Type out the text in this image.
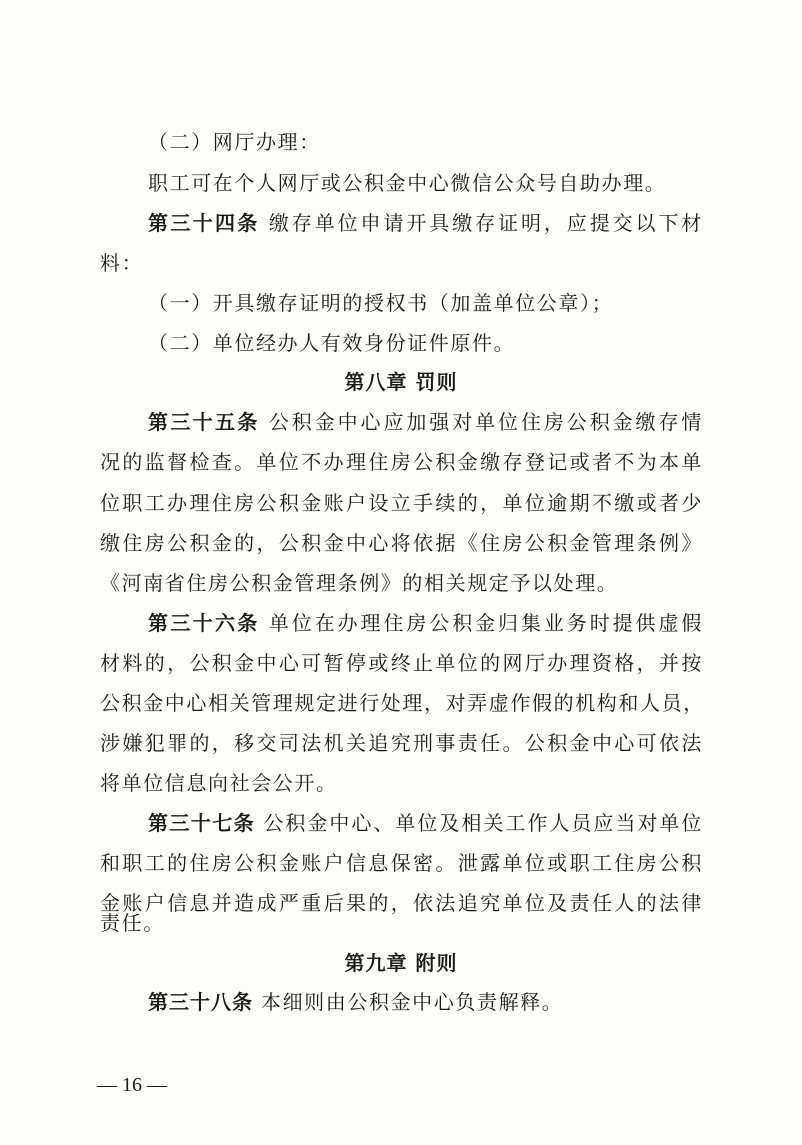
（二）网厅办理：
职工可在个人网厅或公积金中心微信公众号自助办理。
第三十四条 缴存单位申请开具缴存证明，应提交以下材
料：
（一）开具缴存证明的授权书（加盖单位公章）；
（二）单位经办人有效身份证件原件。
第八章 罚则
第三十五条 公积金中心应加强对单位住房公积金缴存情
况的监督检查。单位不办理住房公积金缴存登记或者不为本单
位职工办理住房公积金账户设立手续的，单位逾期不缴或者少
缴住房公积金的，公积金中心将依据《住房公积金管理条例》
《河南省住房公积金管理条例》的相关规定予以处理。
第三十六条 单位在办理住房公积金归集业务时提供虚假
材料的，公积金中心可暂停或终止单位的网厅办理资格，并按
公积金中心相关管理规定进行处理，对弄虚作假的机构和人员，
涉嫌犯罪的，移交司法机关追究刑事责任。公积金中心可依法
将单位信息向社会公开。
第三十七条 公积金中心、单位及相关工作人员应当对单位
和职工的住房公积金账户信息保密。泄露单位或职工住房公积
金账户信息并造成严重后果的，依法追究单位及责任人的法律
责任。
第九章 附则
第三十八条 本细则由公积金中心负责解释。
— 16 —
